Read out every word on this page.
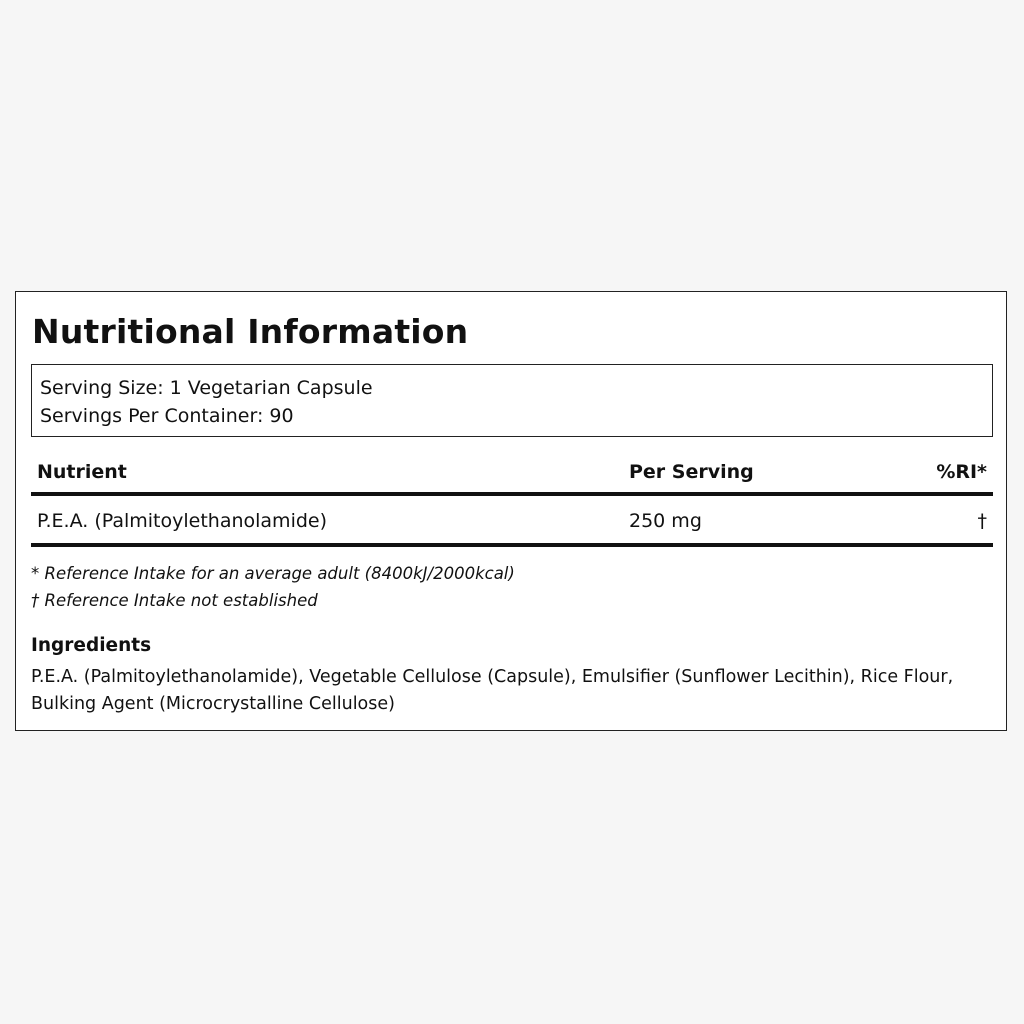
Nutritional Information
Serving Size: 1 Vegetarian Capsule
Servings Per Container: 90
Nutrient	Per Serving	%RI*
P.E.A. (Palmitoylethanolamide)	250 mg	†
* Reference Intake for an average adult (8400kJ/2000kcal)
† Reference Intake not established
Ingredients
P.E.A. (Palmitoylethanolamide), Vegetable Cellulose (Capsule), Emulsifier (Sunflower Lecithin), Rice Flour,
Bulking Agent (Microcrystalline Cellulose)
